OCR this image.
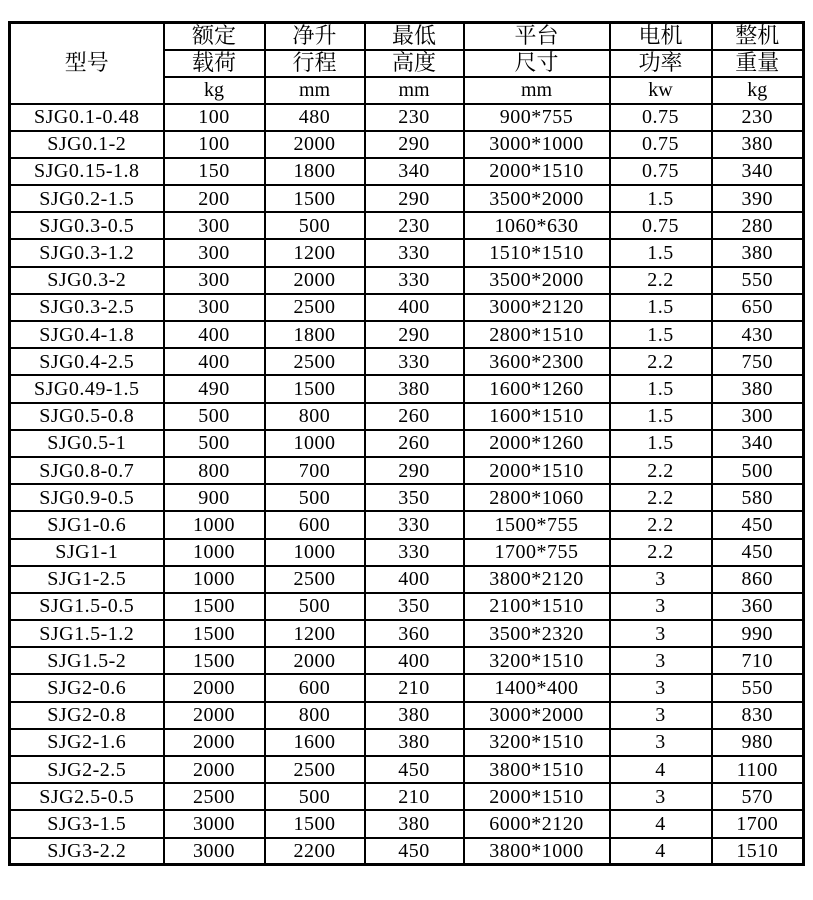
型号	额定	净升	最低	平台	电机	整机
	载荷	行程	高度	尺寸	功率	重量
	kg	mm	mm	mm	kw	kg
SJG0.1-0.48	100	480	230	900*755	0.75	230
SJG0.1-2	100	2000	290	3000*1000	0.75	380
SJG0.15-1.8	150	1800	340	2000*1510	0.75	340
SJG0.2-1.5	200	1500	290	3500*2000	1.5	390
SJG0.3-0.5	300	500	230	1060*630	0.75	280
SJG0.3-1.2	300	1200	330	1510*1510	1.5	380
SJG0.3-2	300	2000	330	3500*2000	2.2	550
SJG0.3-2.5	300	2500	400	3000*2120	1.5	650
SJG0.4-1.8	400	1800	290	2800*1510	1.5	430
SJG0.4-2.5	400	2500	330	3600*2300	2.2	750
SJG0.49-1.5	490	1500	380	1600*1260	1.5	380
SJG0.5-0.8	500	800	260	1600*1510	1.5	300
SJG0.5-1	500	1000	260	2000*1260	1.5	340
SJG0.8-0.7	800	700	290	2000*1510	2.2	500
SJG0.9-0.5	900	500	350	2800*1060	2.2	580
SJG1-0.6	1000	600	330	1500*755	2.2	450
SJG1-1	1000	1000	330	1700*755	2.2	450
SJG1-2.5	1000	2500	400	3800*2120	3	860
SJG1.5-0.5	1500	500	350	2100*1510	3	360
SJG1.5-1.2	1500	1200	360	3500*2320	3	990
SJG1.5-2	1500	2000	400	3200*1510	3	710
SJG2-0.6	2000	600	210	1400*400	3	550
SJG2-0.8	2000	800	380	3000*2000	3	830
SJG2-1.6	2000	1600	380	3200*1510	3	980
SJG2-2.5	2000	2500	450	3800*1510	4	1100
SJG2.5-0.5	2500	500	210	2000*1510	3	570
SJG3-1.5	3000	1500	380	6000*2120	4	1700
SJG3-2.2	3000	2200	450	3800*1000	4	1510
